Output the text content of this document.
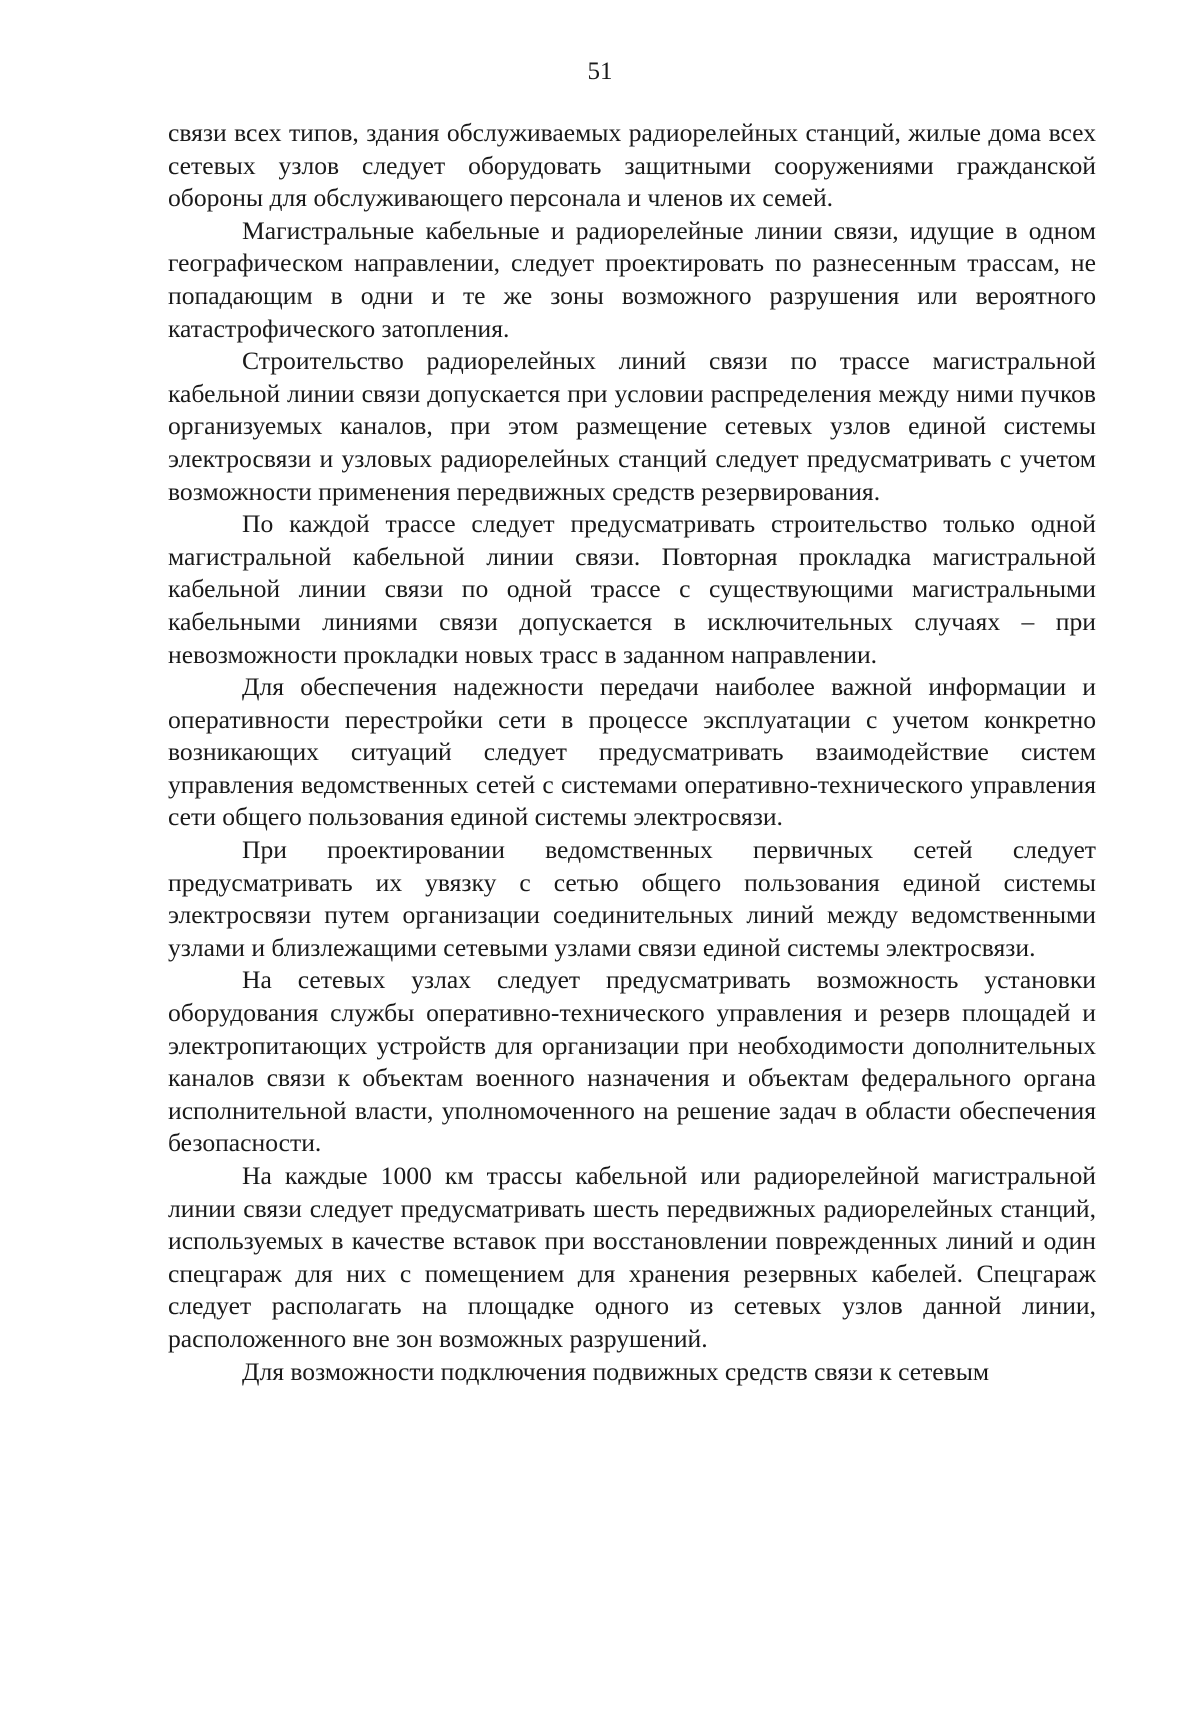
51

связи всех типов, здания обслуживаемых радиорелейных станций, жилые дома всех сетевых узлов следует оборудовать защитными сооружениями гражданской обороны для обслуживающего персонала и членов их семей.

Магистральные кабельные и радиорелейные линии связи, идущие в одном географическом направлении, следует проектировать по разнесенным трассам, не попадающим в одни и те же зоны возможного разрушения или вероятного катастрофического затопления.

Строительство радиорелейных линий связи по трассе магистральной кабельной линии связи допускается при условии распределения между ними пучков организуемых каналов, при этом размещение сетевых узлов единой системы электросвязи и узловых радиорелейных станций следует предусматривать с учетом возможности применения передвижных средств резервирования.

По каждой трассе следует предусматривать строительство только одной магистральной кабельной линии связи. Повторная прокладка магистральной кабельной линии связи по одной трассе с существующими магистральными кабельными линиями связи допускается в исключительных случаях – при невозможности прокладки новых трасс в заданном направлении.

Для обеспечения надежности передачи наиболее важной информации и оперативности перестройки сети в процессе эксплуатации с учетом конкретно возникающих ситуаций следует предусматривать взаимодействие систем управления ведомственных сетей с системами оперативно-технического управления сети общего пользования единой системы электросвязи.

При проектировании ведомственных первичных сетей следует предусматривать их увязку с сетью общего пользования единой системы электросвязи путем организации соединительных линий между ведомственными узлами и близлежащими сетевыми узлами связи единой системы электросвязи.

На сетевых узлах следует предусматривать возможность установки оборудования службы оперативно-технического управления и резерв площадей и электропитающих устройств для организации при необходимости дополнительных каналов связи к объектам военного назначения и объектам федерального органа исполнительной власти, уполномоченного на решение задач в области обеспечения безопасности.

На каждые 1000 км трассы кабельной или радиорелейной магистральной линии связи следует предусматривать шесть передвижных радиорелейных станций, используемых в качестве вставок при восстановлении поврежденных линий и один спецгараж для них с помещением для хранения резервных кабелей. Спецгараж следует располагать на площадке одного из сетевых узлов данной линии, расположенного вне зон возможных разрушений.

Для возможности подключения подвижных средств связи к сетевым
